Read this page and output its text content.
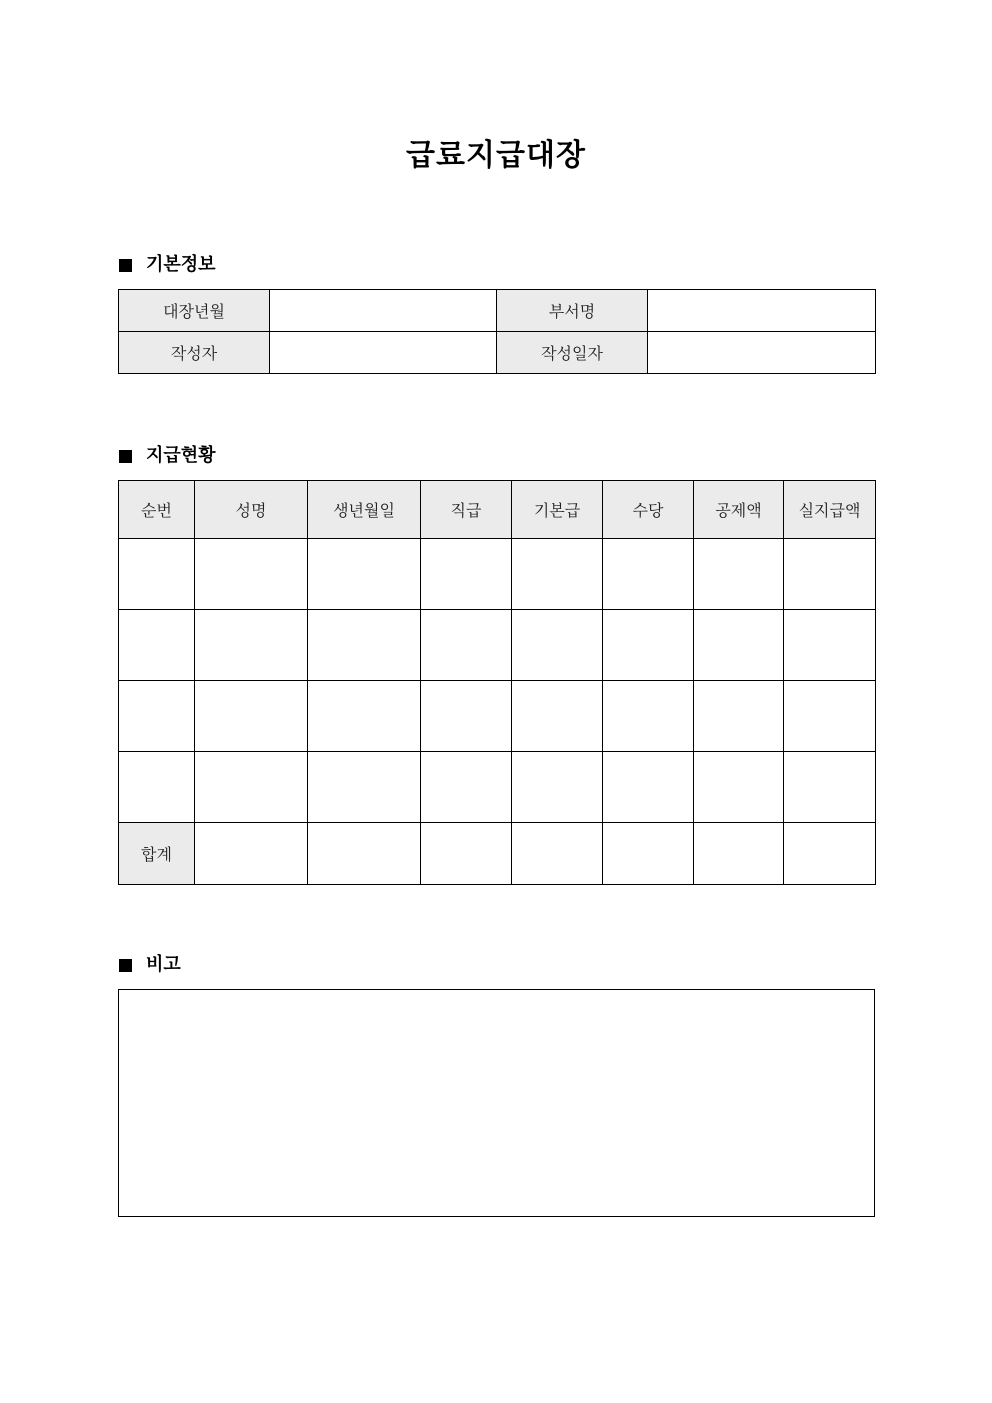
급료지급대장
기본정보
대장년월		부서명	
작성자		작성일자	
지급현황
순번	성명	생년월일	직급	기본급	수당	공제액	실지급액

합계							
비고
